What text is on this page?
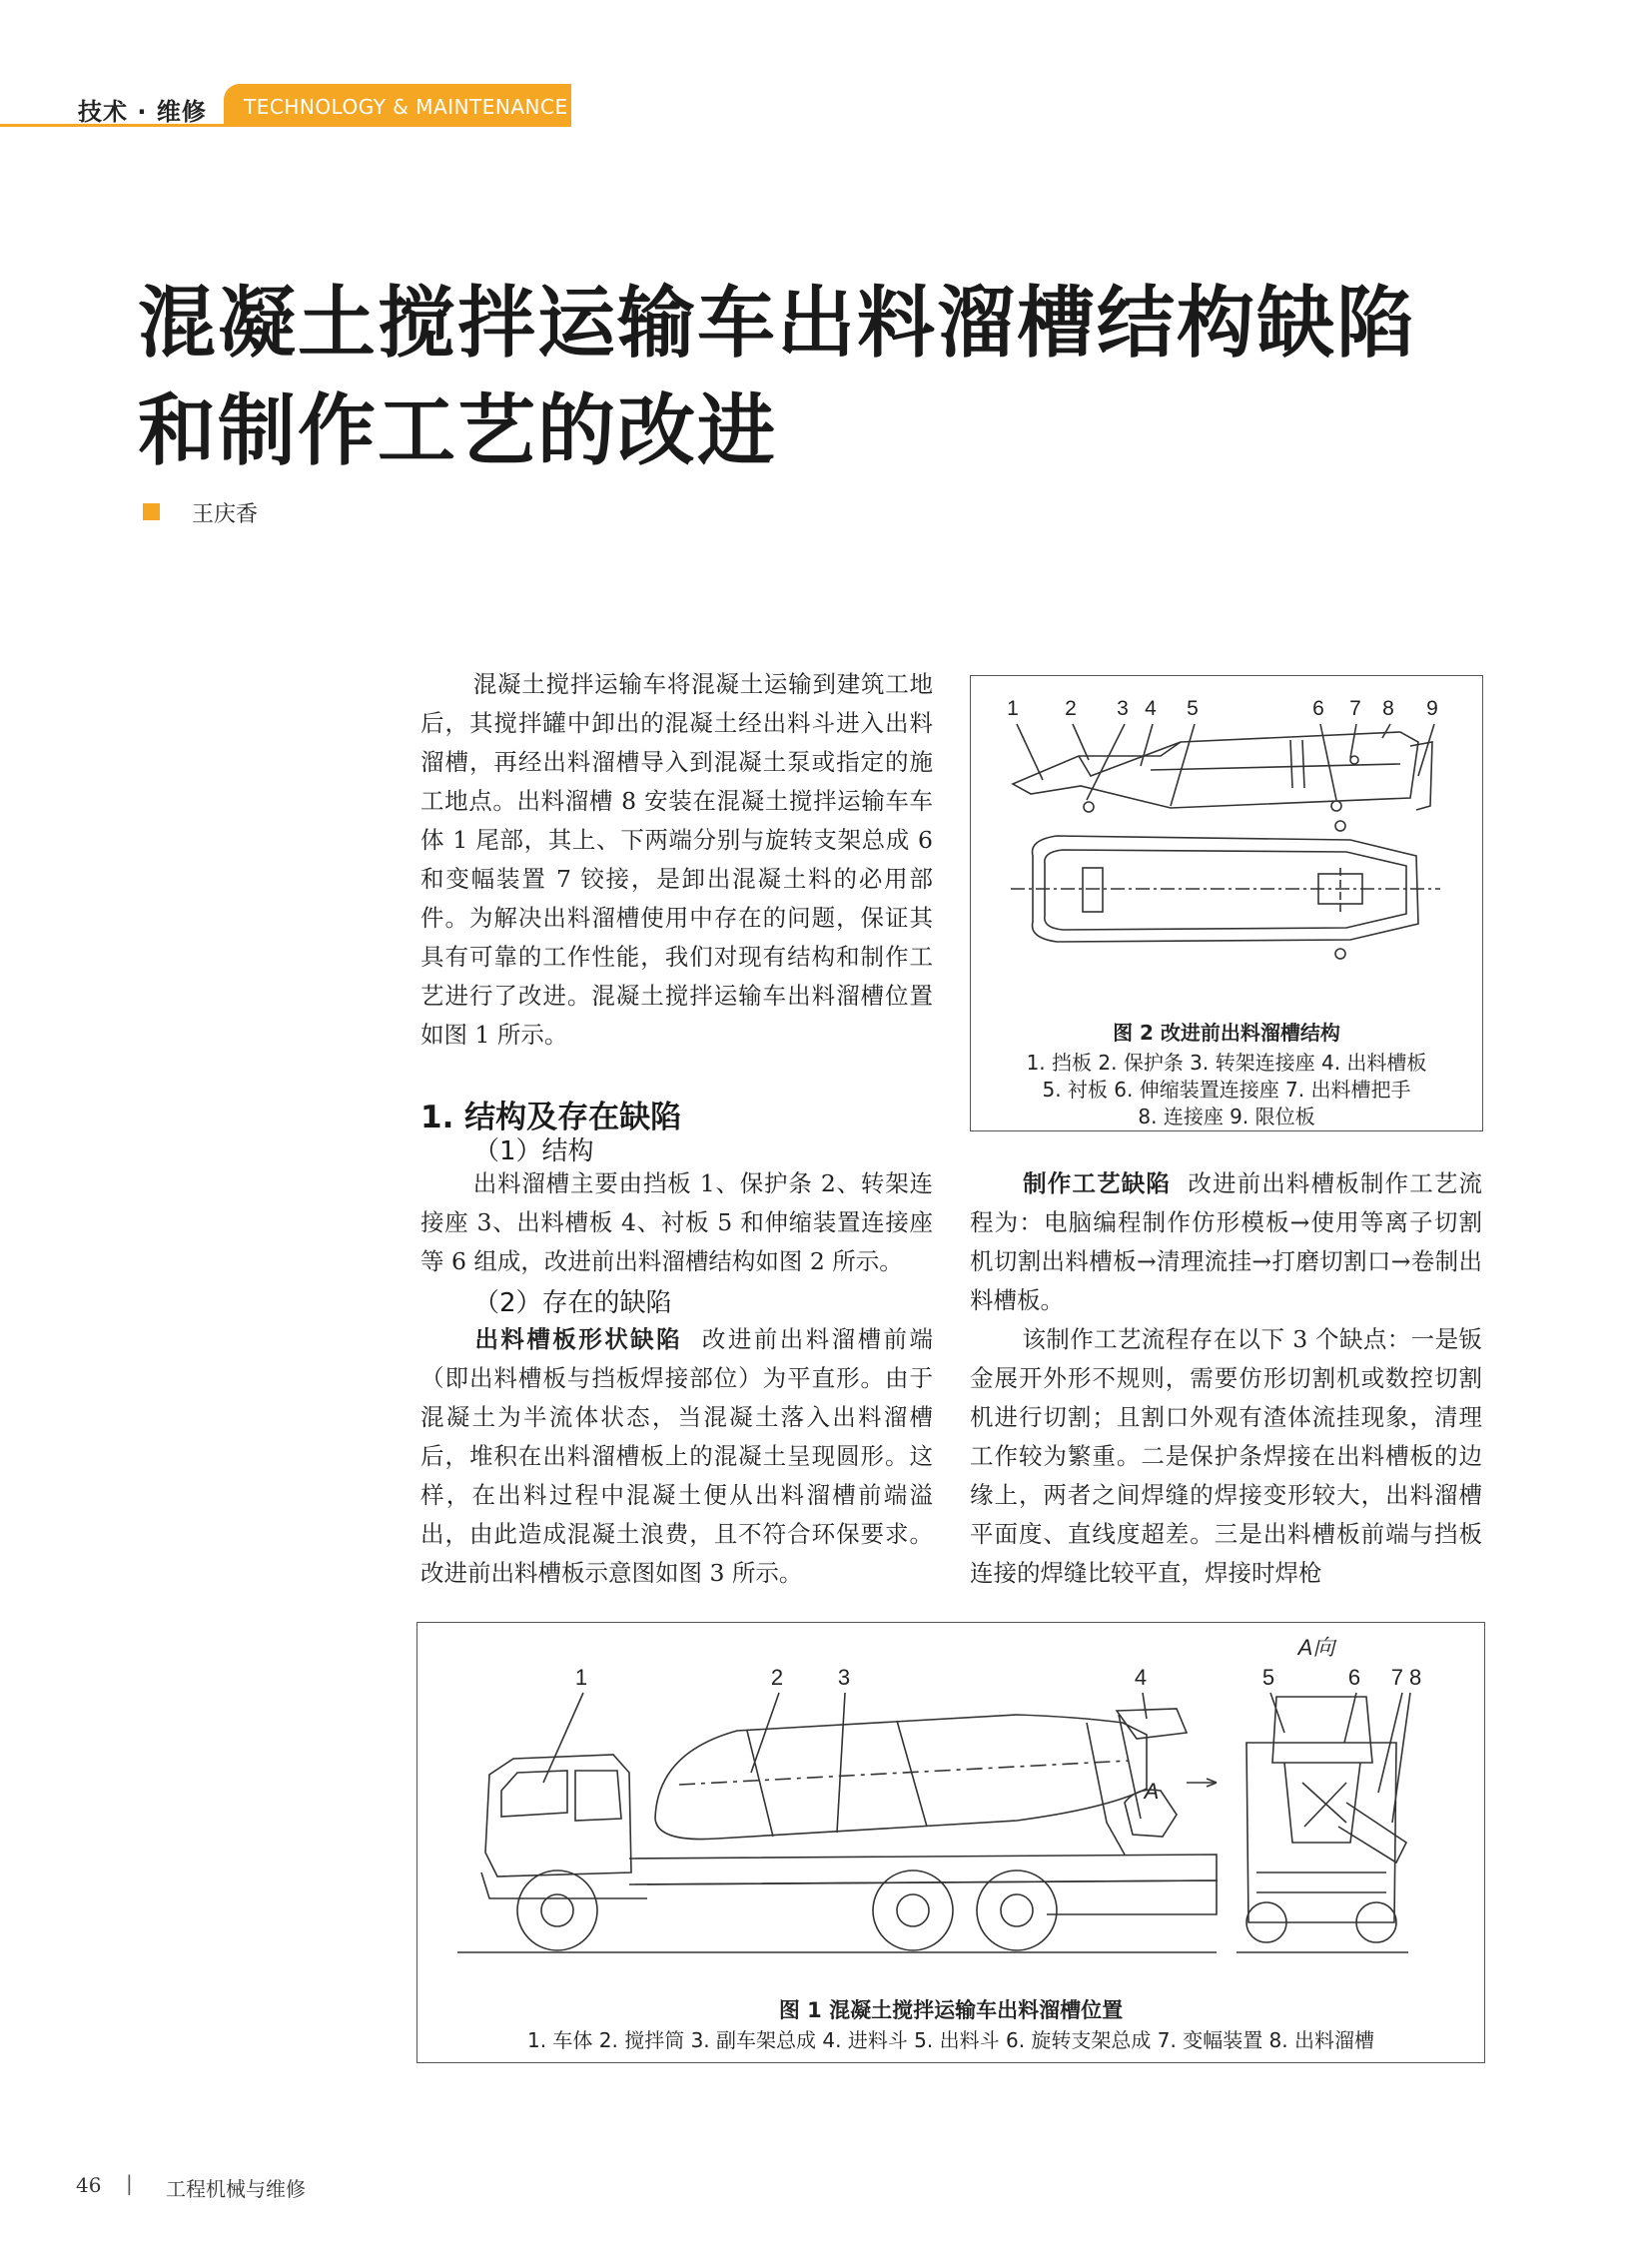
技术 · 维修 TECHNOLOGY & MAINTENANCE
混凝土搅拌运输车出料溜槽结构缺陷
和制作工艺的改进
王庆香
混凝土搅拌运输车将混凝土运输到建筑工地后，其搅拌罐中卸出的混凝土经出料斗进入出料溜槽，再经出料溜槽导入到混凝土泵或指定的施工地点。出料溜槽 8 安装在混凝土搅拌运输车车体 1 尾部，其上、下两端分别与旋转支架总成 6 和变幅装置 7 铰接，是卸出混凝土料的必用部件。为解决出料溜槽使用中存在的问题，保证其具有可靠的工作性能，我们对现有结构和制作工艺进行了改进。混凝土搅拌运输车出料溜槽位置如图 1 所示。
1. 结构及存在缺陷
（1）结构
出料溜槽主要由挡板 1、保护条 2、转架连接座 3、出料槽板 4、衬板 5 和伸缩装置连接座等 6 组成，改进前出料溜槽结构如图 2 所示。
（2）存在的缺陷
出料槽板形状缺陷 改进前出料溜槽前端（即出料槽板与挡板焊接部位）为平直形。由于混凝土为半流体状态，当混凝土落入出料溜槽后，堆积在出料溜槽板上的混凝土呈现圆形。这样，在出料过程中混凝土便从出料溜槽前端溢出，由此造成混凝土浪费，且不符合环保要求。改进前出料槽板示意图如图 3 所示。
制作工艺缺陷 改进前出料槽板制作工艺流程为：电脑编程制作仿形模板→使用等离子切割机切割出料槽板→清理流挂→打磨切割口→卷制出料槽板。
该制作工艺流程存在以下 3 个缺点：一是钣金展开外形不规则，需要仿形切割机或数控切割机进行切割；且割口外观有渣体流挂现象，清理工作较为繁重。二是保护条焊接在出料槽板的边缘上，两者之间焊缝的焊接变形较大，出料溜槽平面度、直线度超差。三是出料槽板前端与挡板连接的焊缝比较平直，焊接时焊枪
1 2 3 4 5	6 7 8 9
图 2 改进前出料溜槽结构
1. 挡板 2. 保护条 3. 转架连接座 4. 出料槽板
5. 衬板 6. 伸缩装置连接座 7. 出料槽把手
8. 连接座 9. 限位板
1	2 3	4	5	6 7 8
A向
A
图 1 混凝土搅拌运输车出料溜槽位置
1. 车体 2. 搅拌筒 3. 副车架总成 4. 进料斗 5. 出料斗 6. 旋转支架总成 7. 变幅装置 8. 出料溜槽
46 | 工程机械与维修
